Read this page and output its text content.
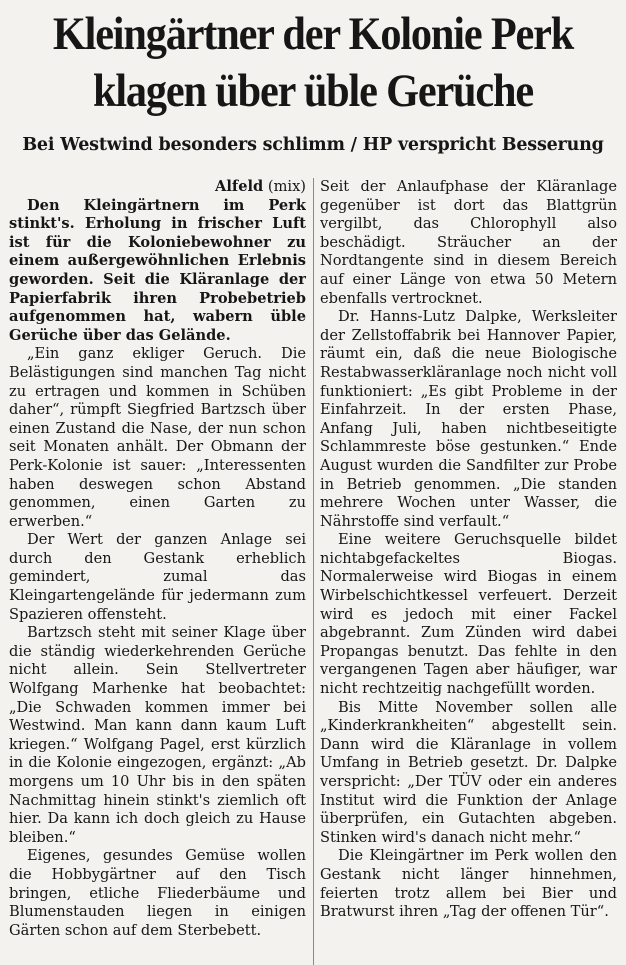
Kleingärtner der Kolonie Perk
klagen über üble Gerüche
Bei Westwind besonders schlimm / HP verspricht Besserung
Alfeld (mix)

Den Kleingärtnern im Perk stinkt's. Erholung in frischer Luft ist für die Koloniebewohner zu einem außergewöhnlichen Erlebnis geworden. Seit die Kläranlage der Papierfabrik ihren Probebetrieb aufgenommen hat, wabern üble Gerüche über das Gelände.

„Ein ganz ekliger Geruch. Die Belästigungen sind manchen Tag nicht zu ertragen und kommen in Schüben daher“, rümpft Siegfried Bartzsch über einen Zustand die Nase, der nun schon seit Monaten anhält. Der Obmann der Perk-Kolonie ist sauer: „Interessenten haben deswegen schon Abstand genommen, einen Garten zu erwerben.“

Der Wert der ganzen Anlage sei durch den Gestank erheblich gemindert, zumal das Kleingartengelände für jedermann zum Spazieren offensteht.

Bartzsch steht mit seiner Klage über die ständig wiederkehrenden Gerüche nicht allein. Sein Stellvertreter Wolfgang Marhenke hat beobachtet: „Die Schwaden kommen immer bei Westwind. Man kann dann kaum Luft kriegen.“ Wolfgang Pagel, erst kürzlich in die Kolonie eingezogen, ergänzt: „Ab morgens um 10 Uhr bis in den späten Nachmittag hinein stinkt's ziemlich oft hier. Da kann ich doch gleich zu Hause bleiben.“

Eigenes, gesundes Gemüse wollen die Hobbygärtner auf den Tisch bringen, etliche Fliederbäume und Blumenstauden liegen in einigen Gärten schon auf dem Sterbebett.

Seit der Anlaufphase der Kläranlage gegenüber ist dort das Blattgrün vergilbt, das Chlorophyll also beschädigt. Sträucher an der Nordtangente sind in diesem Bereich auf einer Länge von etwa 50 Metern ebenfalls vertrocknet.

Dr. Hanns-Lutz Dalpke, Werksleiter der Zellstoffabrik bei Hannover Papier, räumt ein, daß die neue Biologische Restabwasserkläranlage noch nicht voll funktioniert: „Es gibt Probleme in der Einfahrzeit. In der ersten Phase, Anfang Juli, haben nichtbeseitigte Schlammreste böse gestunken.“ Ende August wurden die Sandfilter zur Probe in Betrieb genommen. „Die standen mehrere Wochen unter Wasser, die Nährstoffe sind verfault.“

Eine weitere Geruchsquelle bildet nichtabgefackeltes Biogas. Normalerweise wird Biogas in einem Wirbelschichtkessel verfeuert. Derzeit wird es jedoch mit einer Fackel abgebrannt. Zum Zünden wird dabei Propangas benutzt. Das fehlte in den vergangenen Tagen aber häufiger, war nicht rechtzeitig nachgefüllt worden.

Bis Mitte November sollen alle „Kinderkrankheiten“ abgestellt sein. Dann wird die Kläranlage in vollem Umfang in Betrieb gesetzt. Dr. Dalpke verspricht: „Der TÜV oder ein anderes Institut wird die Funktion der Anlage überprüfen, ein Gutachten abgeben. Stinken wird's danach nicht mehr.“

Die Kleingärtner im Perk wollen den Gestank nicht länger hinnehmen, feierten trotz allem bei Bier und Bratwurst ihren „Tag der offenen Tür“.
